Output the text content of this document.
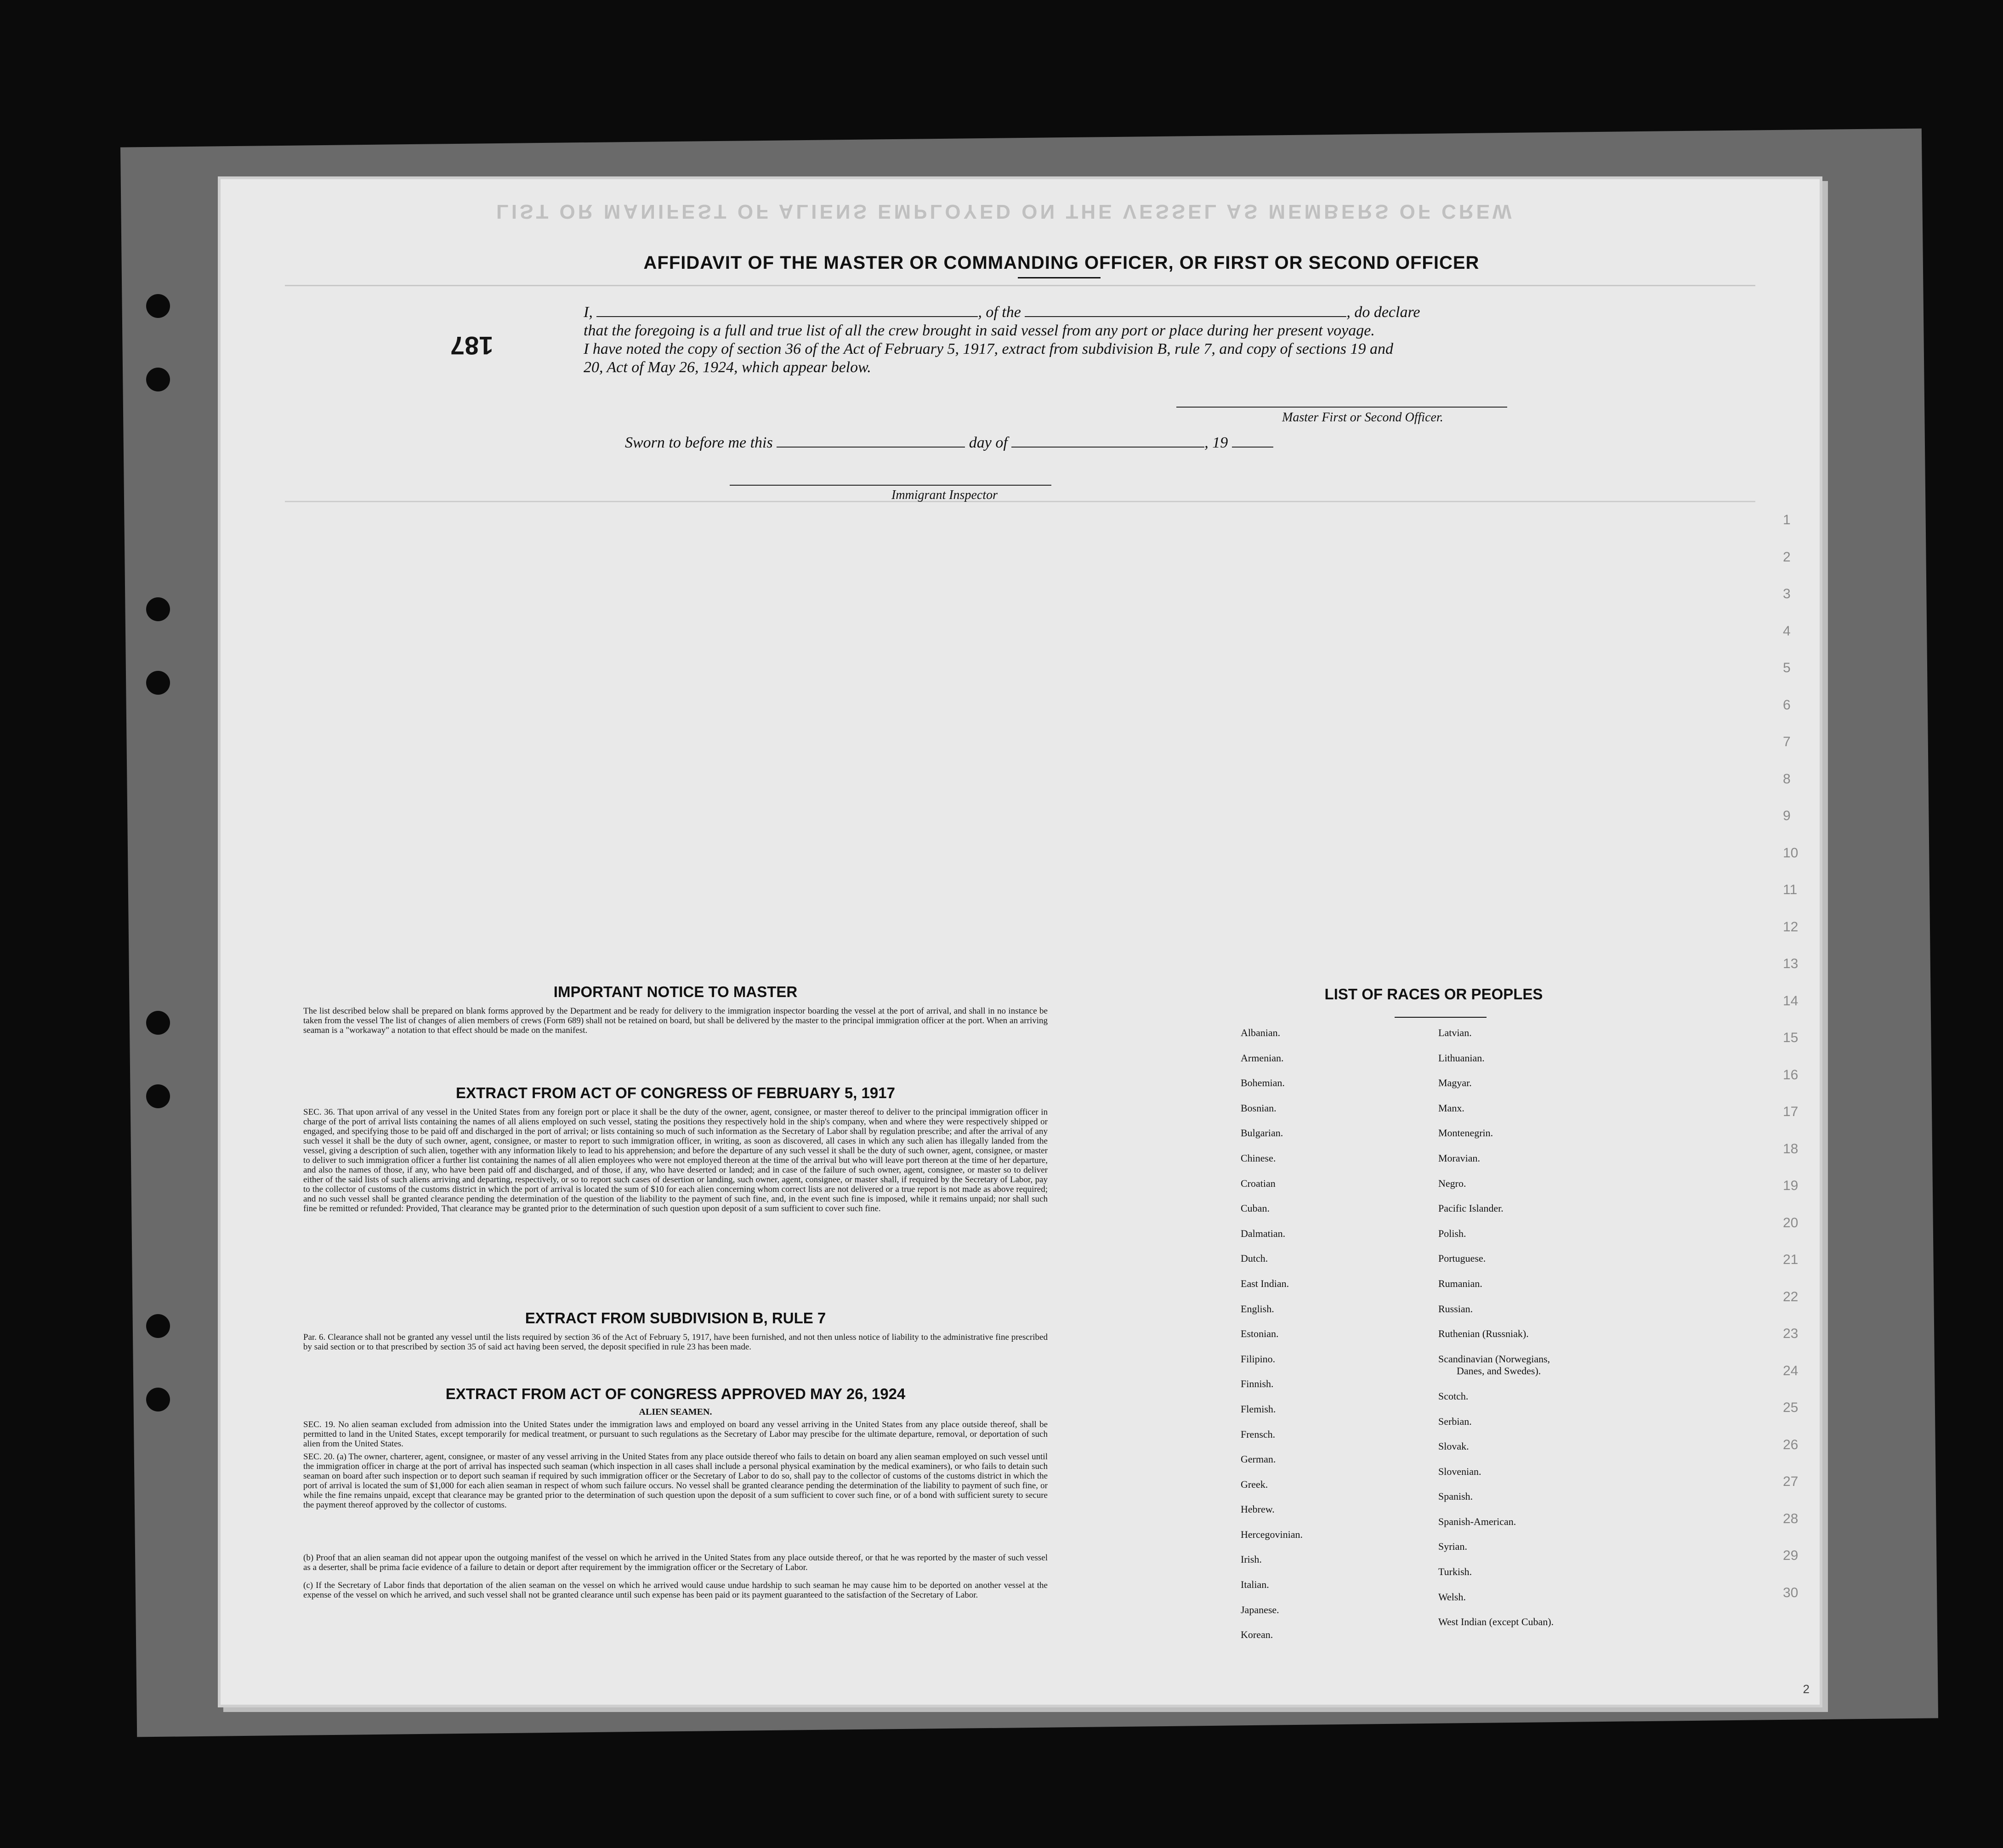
LIST OR MANIFEST OF ALIENS EMPLOYED ON THE VESSEL AS MEMBERS OF CREW
1
2
3
4
5
6
7
8
9
10
11
12
13
14
15
16
17
18
19
20
21
22
23
24
25
26
27
28
29
30
187
AFFIDAVIT OF THE MASTER OR COMMANDING OFFICER, OR FIRST OR SECOND OFFICER
I,	, of the	, do declare
that the foregoing is a full and true list of all the crew brought in said vessel from any port or place during her present voyage.
I have noted the copy of section 36 of the Act of February 5, 1917, extract from subdivision B, rule 7, and copy of sections 19 and
20, Act of May 26, 1924, which appear below.
Master First or Second Officer.
Sworn to before me this	day of	, 19
Immigrant Inspector
IMPORTANT NOTICE TO MASTER
The list described below shall be prepared on blank forms approved by the Department and be ready for delivery to the immigration inspector boarding the vessel at the port of arrival, and shall in no instance be taken from the vessel The list of changes of alien members of crews (Form 689) shall not be retained on board, but shall be delivered by the master to the principal immigration officer at the port. When an arriving seaman is a "workaway" a notation to that effect should be made on the manifest.
EXTRACT FROM ACT OF CONGRESS OF FEBRUARY 5, 1917
SEC. 36. That upon arrival of any vessel in the United States from any foreign port or place it shall be the duty of the owner, agent, consignee, or master thereof to deliver to the principal immigration officer in charge of the port of arrival lists containing the names of all aliens employed on such vessel, stating the positions they respectively hold in the ship's company, when and where they were respectively shipped or engaged, and specifying those to be paid off and discharged in the port of arrival; or lists containing so much of such information as the Secretary of Labor shall by regulation prescribe; and after the arrival of any such vessel it shall be the duty of such owner, agent, consignee, or master to report to such immigration officer, in writing, as soon as discovered, all cases in which any such alien has illegally landed from the vessel, giving a description of such alien, together with any information likely to lead to his apprehension; and before the departure of any such vessel it shall be the duty of such owner, agent, consignee, or master to deliver to such immigration officer a further list containing the names of all alien employees who were not employed thereon at the time of the arrival but who will leave port thereon at the time of her departure, and also the names of those, if any, who have been paid off and discharged, and of those, if any, who have deserted or landed; and in case of the failure of such owner, agent, consignee, or master so to deliver either of the said lists of such aliens arriving and departing, respectively, or so to report such cases of desertion or landing, such owner, agent, consignee, or master shall, if required by the Secretary of Labor, pay to the collector of customs of the customs district in which the port of arrival is located the sum of $10 for each alien concerning whom correct lists are not delivered or a true report is not made as above required; and no such vessel shall be granted clearance pending the determination of the question of the liability to the payment of such fine, and, in the event such fine is imposed, while it remains unpaid; nor shall such fine be remitted or refunded: Provided, That clearance may be granted prior to the determination of such question upon deposit of a sum sufficient to cover such fine.
EXTRACT FROM SUBDIVISION B, RULE 7
Par. 6. Clearance shall not be granted any vessel until the lists required by section 36 of the Act of February 5, 1917, have been furnished, and not then unless notice of liability to the administrative fine prescribed by said section or to that prescribed by section 35 of said act having been served, the deposit specified in rule 23 has been made.
EXTRACT FROM ACT OF CONGRESS APPROVED MAY 26, 1924
ALIEN SEAMEN.
SEC. 19. No alien seaman excluded from admission into the United States under the immigration laws and employed on board any vessel arriving in the United States from any place outside thereof, shall be permitted to land in the United States, except temporarily for medical treatment, or pursuant to such regulations as the Secretary of Labor may prescibe for the ultimate departure, removal, or deportation of such alien from the United States.
SEC. 20. (a) The owner, charterer, agent, consignee, or master of any vessel arriving in the United States from any place outside thereof who fails to detain on board any alien seaman employed on such vessel until the immigration officer in charge at the port of arrival has inspected such seaman (which inspection in all cases shall include a personal physical examination by the medical examiners), or who fails to detain such seaman on board after such inspection or to deport such seaman if required by such immigration officer or the Secretary of Labor to do so, shall pay to the collector of customs of the customs district in which the port of arrival is located the sum of $1,000 for each alien seaman in respect of whom such failure occurs. No vessel shall be granted clearance pending the determination of the liability to payment of such fine, or while the fine remains unpaid, except that clearance may be granted prior to the determination of such question upon the deposit of a sum sufficient to cover such fine, or of a bond with sufficient surety to secure the payment thereof approved by the collector of customs.
(b) Proof that an alien seaman did not appear upon the outgoing manifest of the vessel on which he arrived in the United States from any place outside thereof, or that he was reported by the master of such vessel as a deserter, shall be prima facie evidence of a failure to detain or deport after requirement by the immigration officer or the Secretary of Labor.
(c) If the Secretary of Labor finds that deportation of the alien seaman on the vessel on which he arrived would cause undue hardship to such seaman he may cause him to be deported on another vessel at the expense of the vessel on which he arrived, and such vessel shall not be granted clearance until such expense has been paid or its payment guaranteed to the satisfaction of the Secretary of Labor.
LIST OF RACES OR PEOPLES
Albanian.
Armenian.
Bohemian.
Bosnian.
Bulgarian.
Chinese.
Croatian
Cuban.
Dalmatian.
Dutch.
East Indian.
English.
Estonian.
Filipino.
Finnish.
Flemish.
Frensch.
German.
Greek.
Hebrew.
Hercegovinian.
Irish.
Italian.
Japanese.
Korean.
Latvian.
Lithuanian.
Magyar.
Manx.
Montenegrin.
Moravian.
Negro.
Pacific Islander.
Polish.
Portuguese.
Rumanian.
Russian.
Ruthenian (Russniak).
Scandinavian (Norwegians,
Danes, and Swedes).
Scotch.
Serbian.
Slovak.
Slovenian.
Spanish.
Spanish-American.
Syrian.
Turkish.
Welsh.
West Indian (except Cuban).
2
